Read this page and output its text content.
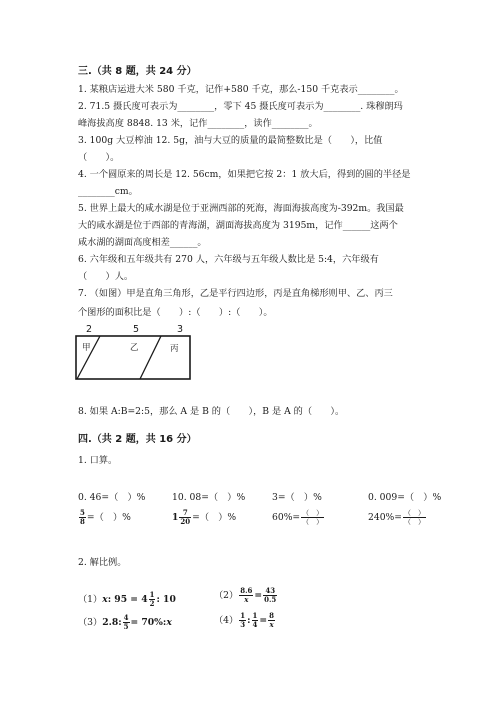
三.（共 8 题，共 24 分）
1. 某粮店运进大米 580 千克，记作+580 千克，那么-150 千克表示________。
2. 71.5 摄氏度可表示为________，零下 45 摄氏度可表示为________. 珠穆朗玛
峰海拔高度 8848. 13 米，记作________，读作________。
3. 100g 大豆榨油 12. 5g，油与大豆的质量的最简整数比是（　　），比值
（　　）。
4. 一个圆原来的周长是 12. 56cm，如果把它按 2：1 放大后，得到的圆的半径是
________cm。
5. 世界上最大的咸水湖是位于亚洲西部的死海，海面海拔高度为-392m。我国最
大的咸水湖是位于西部的青海湖，湖面海拔高度为 3195m，记作______这两个
咸水湖的湖面高度相差______。
6. 六年级和五年级共有 270 人，六年级与五年级人数比是 5:4，六年级有
（　　）人。
7. （如图）甲是直角三角形，乙是平行四边形，丙是直角梯形则甲、乙、丙三
个图形的面积比是（　　）:（　　）:（　　）。
2	5	3
甲	乙	丙
8. 如果 A:B=2:5，那么 A 是 B 的（　　），B 是 A 的（　　）。
四.（共 2 题，共 16 分）
1. 口算。
0. 46=（　）%	10. 08=（　）%	3=（　）%	0. 009=（　）%
$\frac{5}{8}$ =（　）%	$1 \frac{7}{20}$ =（　）%	$60\%= \frac{( )}{( )}$	$240\%= \frac{( )}{( )}$
2. 解比例。
（1）x: $95 = 4 \frac{1}{2}$ : 10	$(2) \frac{8.6}{x} = \frac{43}{0.5}$
（3）2.8: $\frac{4}{5}$ = 70%:x	$(4) \frac{1}{3}$ : $\frac{1}{4} = \frac{8}{x}$
